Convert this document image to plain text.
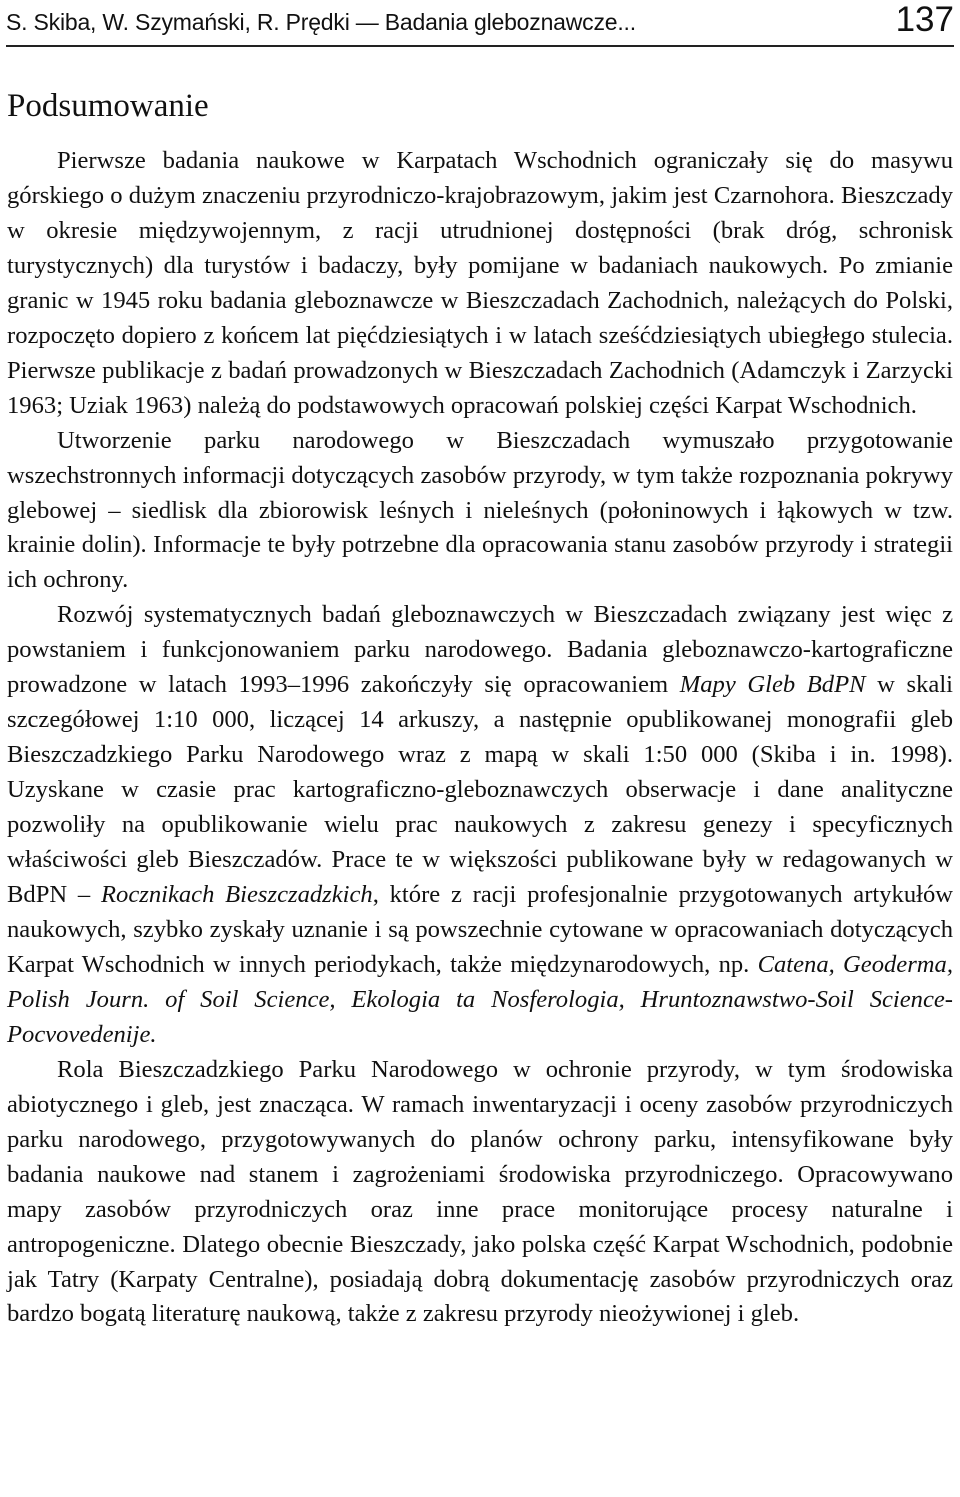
S. Skiba, W. Szymański, R. Prędki — Badania gleboznawcze...	137
Podsumowanie

Pierwsze badania naukowe w Karpatach Wschodnich ograniczały się do masywu górskiego o dużym znaczeniu przyrodniczo-krajobrazowym, jakim jest Czarnohora. Bieszczady w okresie międzywojennym, z racji utrudnionej dostępności (brak dróg, schronisk turystycznych) dla turystów i badaczy, były pomijane w badaniach naukowych. Po zmianie granic w 1945 roku badania gleboznawcze w Bieszczadach Zachodnich, należących do Polski, rozpoczęto dopiero z końcem lat pięćdziesiątych i w latach sześćdziesiątych ubiegłego stulecia. Pierwsze publikacje z badań prowadzonych w Bieszczadach Zachodnich (Adamczyk i Zarzycki 1963; Uziak 1963) należą do podstawowych opracowań polskiej części Karpat Wschodnich.

Utworzenie parku narodowego w Bieszczadach wymuszało przygotowanie wszechstronnych informacji dotyczących zasobów przyrody, w tym także rozpoznania pokrywy glebowej – siedlisk dla zbiorowisk leśnych i nieleśnych (połoninowych i łąkowych w tzw. krainie dolin). Informacje te były potrzebne dla opracowania stanu zasobów przyrody i strategii ich ochrony.

Rozwój systematycznych badań gleboznawczych w Bieszczadach związany jest więc z powstaniem i funkcjonowaniem parku narodowego. Badania gleboznawczo-kartograficzne prowadzone w latach 1993–1996 zakończyły się opracowaniem Mapy Gleb BdPN w skali szczegółowej 1:10 000, liczącej 14 arkuszy, a następnie opublikowanej monografii gleb Bieszczadzkiego Parku Narodowego wraz z mapą w skali 1:50 000 (Skiba i in. 1998). Uzyskane w czasie prac kartograficzno-gleboznawczych obserwacje i dane analityczne pozwoliły na opublikowanie wielu prac naukowych z zakresu genezy i specyficznych właściwości gleb Bieszczadów. Prace te w większości publikowane były w redagowanych w BdPN – Rocznikach Bieszczadzkich, które z racji profesjonalnie przygotowanych artykułów naukowych, szybko zyskały uznanie i są powszechnie cytowane w opracowaniach dotyczących Karpat Wschodnich w innych periodykach, także międzynarodowych, np. Catena, Geoderma, Polish Journ. of Soil Science, Ekologia ta Nosferologia, Hruntoznawstwo-Soil Science-Pocvovedenije.

Rola Bieszczadzkiego Parku Narodowego w ochronie przyrody, w tym środowiska abiotycznego i gleb, jest znacząca. W ramach inwentaryzacji i oceny zasobów przyrodniczych parku narodowego, przygotowywanych do planów ochrony parku, intensyfikowane były badania naukowe nad stanem i zagrożeniami środowiska przyrodniczego. Opracowywano mapy zasobów przyrodniczych oraz inne prace monitorujące procesy naturalne i antropogeniczne. Dlatego obecnie Bieszczady, jako polska część Karpat Wschodnich, podobnie jak Tatry (Karpaty Centralne), posiadają dobrą dokumentację zasobów przyrodniczych oraz bardzo bogatą literaturę naukową, także z zakresu przyrody nieożywionej i gleb.
